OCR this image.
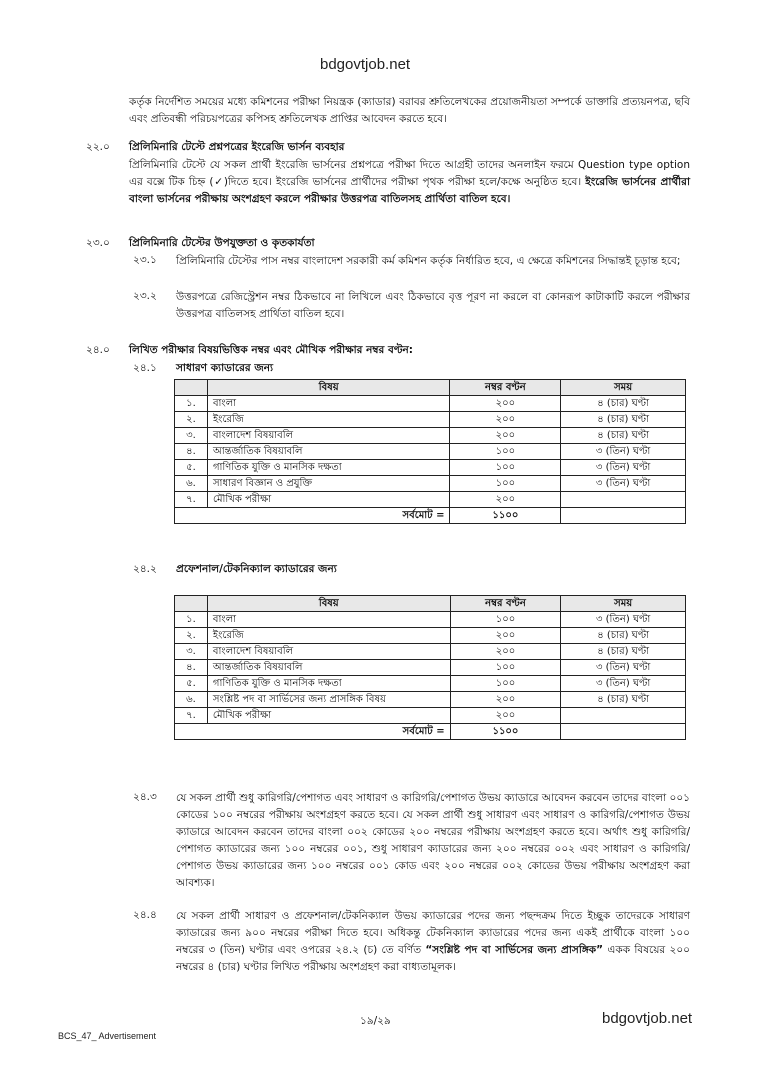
bdgovtjob.net
কর্তৃক নির্দেশিত সময়ের মধ্যে কমিশনের পরীক্ষা নিয়ন্ত্রক (ক্যাডার) বরাবর শ্রুতিলেখকের প্রয়োজনীয়তা সম্পর্কে ডাক্তারি প্রত্যয়নপত্র, ছবি এবং প্রতিবন্ধী পরিচয়পত্রের কপিসহ শ্রুতিলেখক প্রাপ্তির আবেদন করতে হবে।
২২.০ প্রিলিমিনারি টেস্টে প্রশ্নপত্রের ইংরেজি ভার্সন ব্যবহার
প্রিলিমিনারি টেস্টে যে সকল প্রার্থী ইংরেজি ভার্সনের প্রশ্নপত্রে পরীক্ষা দিতে আগ্রহী তাদের অনলাইন ফরমে Question type option এর বক্সে টিক চিহ্ন (✓)দিতে হবে। ইংরেজি ভার্সনের প্রার্থীদের পরীক্ষা পৃথক পরীক্ষা হলে/কক্ষে অনুষ্ঠিত হবে। ইংরেজি ভার্সনের প্রার্থীরা বাংলা ভার্সনের পরীক্ষায় অংশগ্রহণ করলে পরীক্ষার উত্তরপত্র বাতিলসহ প্রার্থিতা বাতিল হবে।
২৩.০ প্রিলিমিনারি টেস্টের উপযুক্ততা ও কৃতকার্যতা
২৩.১ প্রিলিমিনারি টেস্টের পাস নম্বর বাংলাদেশ সরকারী কর্ম কমিশন কর্তৃক নির্ধারিত হবে, এ ক্ষেত্রে কমিশনের সিদ্ধান্তই চূড়ান্ত হবে;
২৩.২ উত্তরপত্রে রেজিস্ট্রেশন নম্বর ঠিকভাবে না লিখিলে এবং ঠিকভাবে বৃত্ত পূরণ না করলে বা কোনরূপ কাটাকাটি করলে পরীক্ষার উত্তরপত্র বাতিলসহ প্রার্থিতা বাতিল হবে।
২৪.০ লিখিত পরীক্ষার বিষয়ভিত্তিক নম্বর এবং মৌখিক পরীক্ষার নম্বর বণ্টন:
২৪.১ সাধারণ ক্যাডারের জন্য
	বিষয়	নম্বর বণ্টন	সময়
১.	বাংলা	২০০	৪ (চার) ঘণ্টা
২.	ইংরেজি	২০০	৪ (চার) ঘণ্টা
৩.	বাংলাদেশ বিষয়াবলি	২০০	৪ (চার) ঘণ্টা
৪.	আন্তর্জাতিক বিষয়াবলি	১০০	৩ (তিন) ঘণ্টা
৫.	গাণিতিক যুক্তি ও মানসিক দক্ষতা	১০০	৩ (তিন) ঘণ্টা
৬.	সাধারণ বিজ্ঞান ও প্রযুক্তি	১০০	৩ (তিন) ঘণ্টা
৭.	মৌখিক পরীক্ষা	২০০	
সর্বমোট =		১১০০	
২৪.২ প্রফেশনাল/টেকনিক্যাল ক্যাডারের জন্য
	বিষয়	নম্বর বণ্টন	সময়
১.	বাংলা	১০০	৩ (তিন) ঘণ্টা
২.	ইংরেজি	২০০	৪ (চার) ঘণ্টা
৩.	বাংলাদেশ বিষয়াবলি	২০০	৪ (চার) ঘণ্টা
৪.	আন্তর্জাতিক বিষয়াবলি	১০০	৩ (তিন) ঘণ্টা
৫.	গাণিতিক যুক্তি ও মানসিক দক্ষতা	১০০	৩ (তিন) ঘণ্টা
৬.	সংশ্লিষ্ট পদ বা সার্ভিসের জন্য প্রাসঙ্গিক বিষয়	২০০	৪ (চার) ঘণ্টা
৭.	মৌখিক পরীক্ষা	২০০	
সর্বমোট =		১১০০	
২৪.৩ যে সকল প্রার্থী শুধু কারিগরি/পেশাগত এবং সাধারণ ও কারিগরি/পেশাগত উভয় ক্যাডারে আবেদন করবেন তাদের বাংলা ০০১ কোডের ১০০ নম্বরের পরীক্ষায় অংশগ্রহণ করতে হবে। যে সকল প্রার্থী শুধু সাধারণ এবং সাধারণ ও কারিগরি/পেশাগত উভয় ক্যাডারে আবেদন করবেন তাদের বাংলা ০০২ কোডের ২০০ নম্বরের পরীক্ষায় অংশগ্রহণ করতে হবে। অর্থাৎ শুধু কারিগরি/পেশাগত ক্যাডারের জন্য ১০০ নম্বরের ০০১, শুধু সাধারণ ক্যাডারের জন্য ২০০ নম্বরের ০০২ এবং সাধারণ ও কারিগরি/পেশাগত উভয় ক্যাডারের জন্য ১০০ নম্বরের ০০১ কোড এবং ২০০ নম্বরের ০০২ কোডের উভয় পরীক্ষায় অংশগ্রহণ করা আবশ্যক।
২৪.৪ যে সকল প্রার্থী সাধারণ ও প্রফেশনাল/টেকনিক্যাল উভয় ক্যাডারের পদের জন্য পছন্দক্রম দিতে ইচ্ছুক তাদেরকে সাধারণ ক্যাডারের জন্য ৯০০ নম্বরের পরীক্ষা দিতে হবে। অধিকন্তু টেকনিক্যাল ক্যাডারের পদের জন্য একই প্রার্থীকে বাংলা ১০০ নম্বরের ৩ (তিন) ঘণ্টার এবং ওপরের ২৪.২ (চ) তে বর্ণিত “সংশ্লিষ্ট পদ বা সার্ভিসের জন্য প্রাসঙ্গিক” একক বিষয়ের ২০০ নম্বরের ৪ (চার) ঘণ্টার লিখিত পরীক্ষায় অংশগ্রহণ করা বাধ্যতামূলক।
১৯/২৯	bdgovtjob.net
BCS_47_ Advertisement
